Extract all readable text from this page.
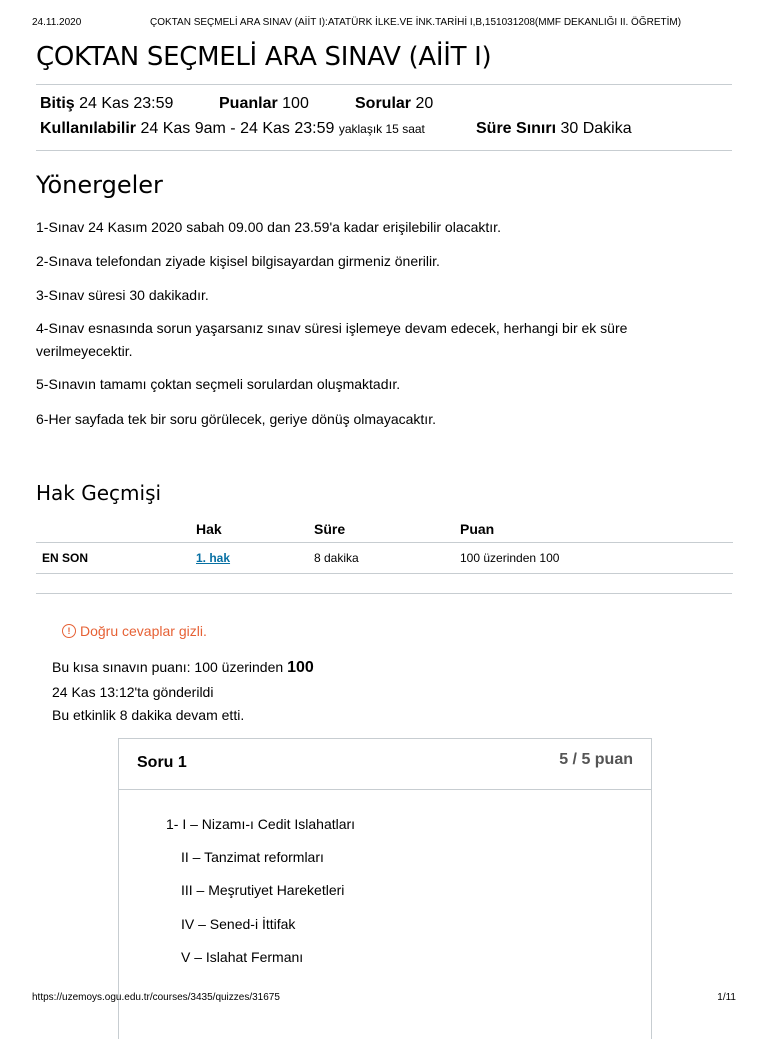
24.11.2020	ÇOKTAN SEÇMELİ ARA SINAV (AİİT I):ATATÜRK İLKE.VE İNK.TARİHİ I,B,151031208(MMF DEKANLIĞI II. ÖĞRETİM)
ÇOKTAN SEÇMELİ ARA SINAV (AİİT I)
Bitiş 24 Kas 23:59	Puanlar 100	Sorular 20
Kullanılabilir 24 Kas 9am - 24 Kas 23:59 yaklaşık 15 saat	Süre Sınırı 30 Dakika
Yönergeler

1-Sınav 24 Kasım 2020 sabah 09.00 dan 23.59'a kadar erişilebilir olacaktır.

2-Sınava telefondan ziyade kişisel bilgisayardan girmeniz önerilir.

3-Sınav süresi 30 dakikadır.

4-Sınav esnasında sorun yaşarsanız sınav süresi işlemeye devam edecek, herhangi bir ek süre verilmeyecektir.

5-Sınavın tamamı çoktan seçmeli sorulardan oluşmaktadır.

6-Her sayfada tek bir soru görülecek, geriye dönüş olmayacaktır.

Hak Geçmişi
	Hak	Süre	Puan
EN SON	1. hak	8 dakika	100 üzerinden 100
! Doğru cevaplar gizli.
Bu kısa sınavın puanı: 100 üzerinden 100
24 Kas 13:12'ta gönderildi
Bu etkinlik 8 dakika devam etti.
Soru 1	5 / 5 puan
1- I – Nizamı-ı Cedit Islahatları
II – Tanzimat reformları
III – Meşrutiyet Hareketleri
IV – Sened-i İttifak
V – Islahat Fermanı
https://uzemoys.ogu.edu.tr/courses/3435/quizzes/31675	1/11
